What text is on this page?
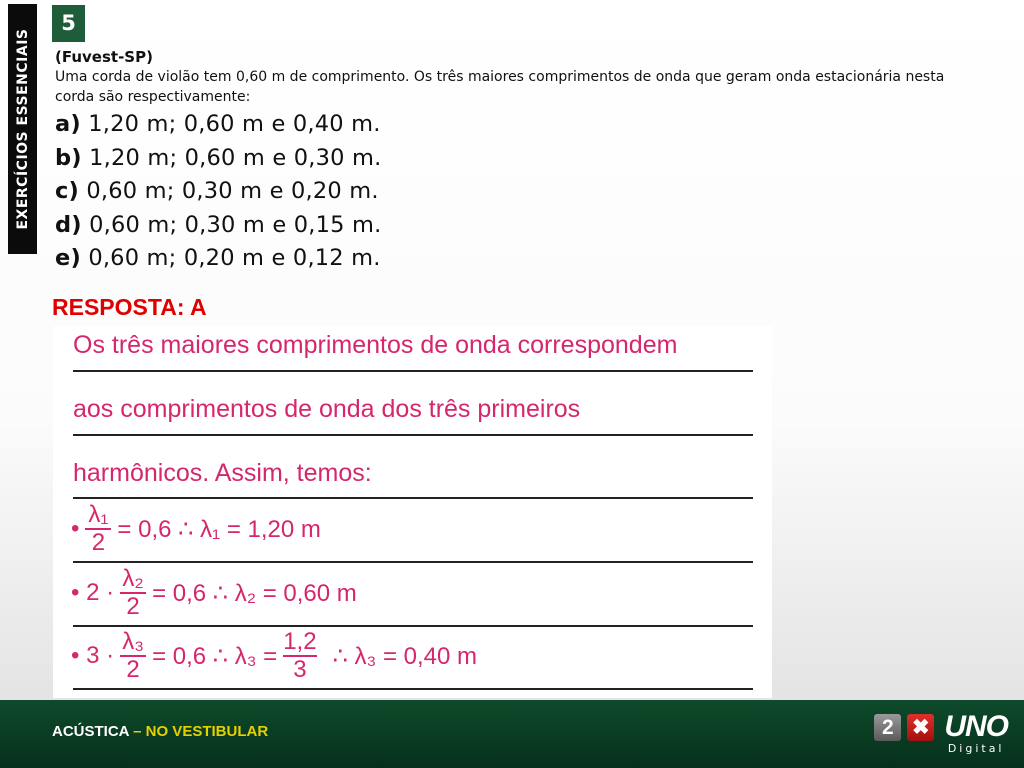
EXERCÍCIOS ESSENCIAIS
5
(Fuvest-SP)
Uma corda de violão tem 0,60 m de comprimento. Os três maiores comprimentos de onda que geram onda estacionária nesta corda são respectivamente:
a) 1,20 m; 0,60 m e 0,40 m.
b) 1,20 m; 0,60 m e 0,30 m.
c) 0,60 m; 0,30 m e 0,20 m.
d) 0,60 m; 0,30 m e 0,15 m.
e) 0,60 m; 0,20 m e 0,12 m.
RESPOSTA: A
Os três maiores comprimentos de onda correspondem
aos comprimentos de onda dos três primeiros
harmônicos. Assim, temos:
• $\frac{\text{λ₁}}{2} = 0,6$ ∴ λ₁ = 1,20 m
• $2 \cdot \frac{\text{λ₂}}{2} = 0,6$ ∴ λ₂ = 0,60 m
• $3 \cdot \frac{\text{λ₃}}{2} = 0,6$ ∴ $\lambda_3 = \frac{1,2}{3}$ ∴ λ₃ = 0,40 m
ACÚSTICA – NO VESTIBULAR	2 ✖ UNO
Digital
